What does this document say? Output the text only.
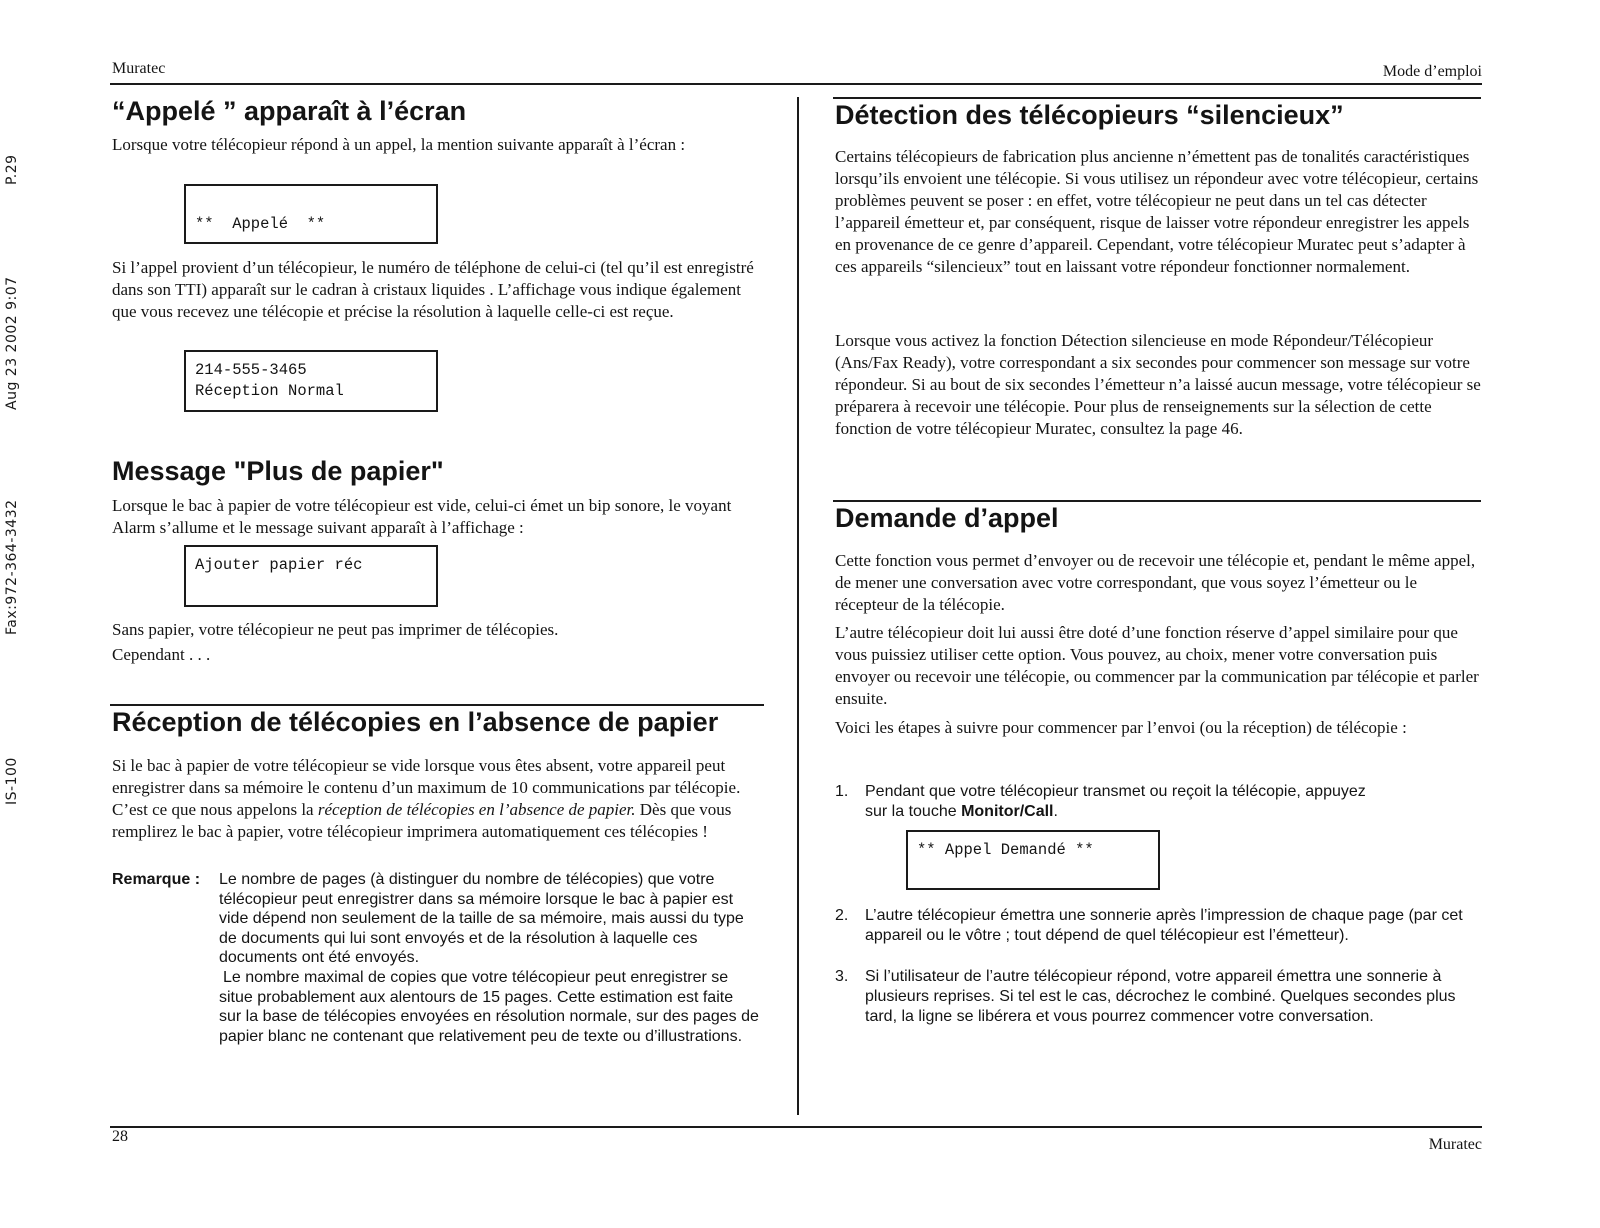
P.29
Aug 23 2002 9:07
Fax:972-364-3432
IS-100
Muratec	Mode d’emploi
“Appelé ” apparaît à l’écran

Lorsque votre télécopieur répond à un appel, la mention suivante apparaît à l’écran :

**  Appelé  **

Si l’appel provient d’un télécopieur, le numéro de téléphone de celui-ci (tel qu’il est enregistré dans son TTI) apparaît sur le cadran à cristaux liquides . L’affichage vous indique également que vous recevez une télécopie et précise la résolution à laquelle celle-ci est reçue.

214-555-3465
Réception Normal
Message "Plus de papier"

Lorsque le bac à papier de votre télécopieur est vide, celui-ci émet un bip sonore, le voyant Alarm s’allume et le message suivant apparaît à l’affichage :

Ajouter papier réc

Sans papier, votre télécopieur ne peut pas imprimer de télécopies.

Cependant . . .

Réception de télécopies en l’absence de papier

Si le bac à papier de votre télécopieur se vide lorsque vous êtes absent, votre appareil peut enregistrer dans sa mémoire le contenu d’un maximum de 10 communications par télécopie. C’est ce que nous appelons la réception de télécopies en l’absence de papier. Dès que vous remplirez le bac à papier, votre télécopieur imprimera automatiquement ces télécopies !

Remarque : Le nombre de pages (à distinguer du nombre de télécopies) que votre télécopieur peut enregistrer dans sa mémoire lorsque le bac à papier est vide dépend non seulement de la taille de sa mémoire, mais aussi du type de documents qui lui sont envoyés et de la résolution à laquelle ces documents ont été envoyés.

Le nombre maximal de copies que votre télécopieur peut enregistrer se situe probablement aux alentours de 15 pages. Cette estimation est faite sur la base de télécopies envoyées en résolution normale, sur des pages de papier blanc ne contenant que relativement peu de texte ou d’illustrations.

Détection des télécopieurs “silencieux”

Certains télécopieurs de fabrication plus ancienne n’émettent pas de tonalités caractéristiques lorsqu’ils envoient une télécopie. Si vous utilisez un répondeur avec votre télécopieur, certains problèmes peuvent se poser : en effet, votre télécopieur ne peut dans un tel cas détecter l’appareil émetteur et, par conséquent, risque de laisser votre répondeur enregistrer les appels en provenance de ce genre d’appareil. Cependant, votre télécopieur Muratec peut s’adapter à ces appareils “silencieux” tout en laissant votre répondeur fonctionner normalement.

Lorsque vous activez la fonction Détection silencieuse en mode Répondeur/Télécopieur (Ans/Fax Ready), votre correspondant a six secondes pour commencer son message sur votre répondeur. Si au bout de six secondes l’émetteur n’a laissé aucun message, votre télécopieur se préparera à recevoir une télécopie. Pour plus de renseignements sur la sélection de cette fonction de votre télécopieur Muratec, consultez la page 46.

Demande d’appel

Cette fonction vous permet d’envoyer ou de recevoir une télécopie et, pendant le même appel, de mener une conversation avec votre correspondant, que vous soyez l’émetteur ou le récepteur de la télécopie.

L’autre télécopieur doit lui aussi être doté d’une fonction réserve d’appel similaire pour que vous puissiez utiliser cette option. Vous pouvez, au choix, mener votre conversation puis envoyer ou recevoir une télécopie, ou commencer par la communication par télécopie et parler ensuite.

Voici les étapes à suivre pour commencer par l’envoi (ou la réception) de télécopie :

1. Pendant que votre télécopieur transmet ou reçoit la télécopie, appuyez sur la touche Monitor/Call.

** Appel Demandé **
2. L’autre télécopieur émettra une sonnerie après l’impression de chaque page (par cet appareil ou le vôtre ; tout dépend de quel télécopieur est l’émetteur).

3. Si l’utilisateur de l’autre télécopieur répond, votre appareil émettra une sonnerie à plusieurs reprises. Si tel est le cas, décrochez le combiné. Quelques secondes plus tard, la ligne se libérera et vous pourrez commencer votre conversation.

28	Muratec
